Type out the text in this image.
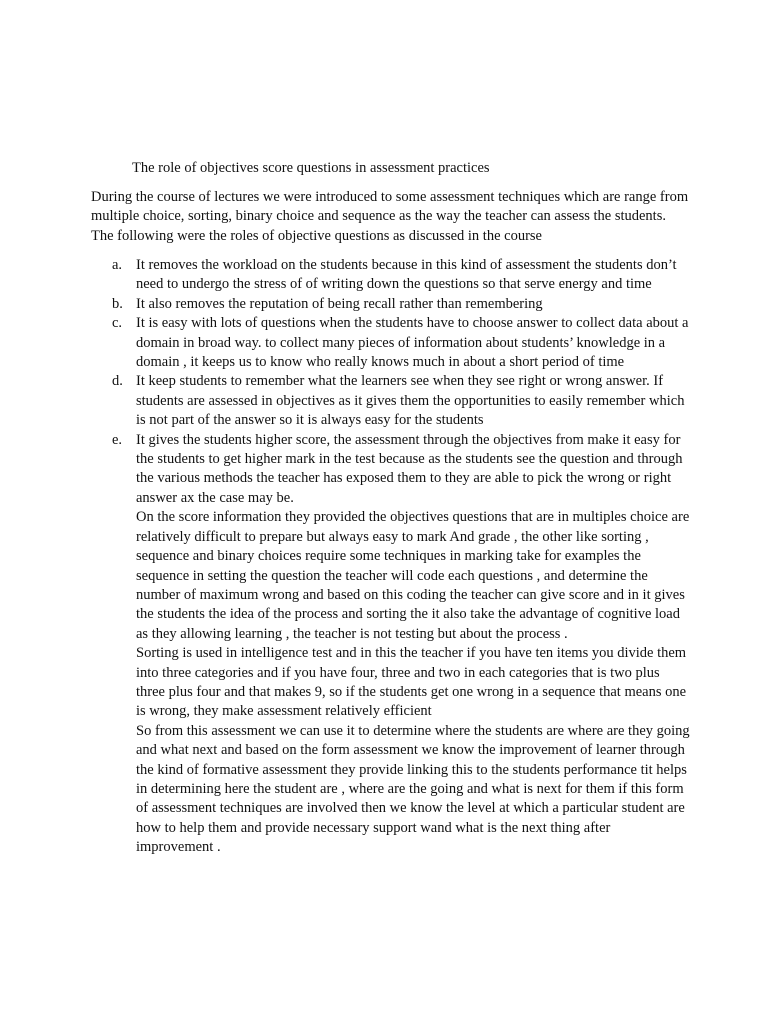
The role of objectives score questions in assessment practices
During the course of lectures we were introduced to some assessment techniques which are range from multiple choice, sorting, binary choice and sequence as the way the teacher can assess the students. The following were the roles of objective questions as discussed in the course
a. It removes the workload on the students because in this kind of assessment the students don’t need to undergo the stress of of writing down the questions so that serve energy and time
b. It also removes the reputation of being recall rather than remembering
c. It is easy with lots of questions when the students have to choose answer to collect data about a domain in broad way. to collect many pieces of information about students’ knowledge in a domain , it keeps us to know who really knows much in about a short period of time
d. It keep students to remember what the learners see when they see right or wrong answer. If students are assessed in objectives as it gives them the opportunities to easily remember which is not part of the answer so it is always easy for the students
e. It gives the students higher score, the assessment through the objectives from make it easy for the students to get higher mark in the test because as the students see the question and through the various methods the teacher has exposed them to they are able to pick the wrong or right answer ax the case may be.
On the score information they provided the objectives questions that are in multiples choice are relatively difficult to prepare but always easy to mark And grade , the other like sorting , sequence and binary choices require some techniques in marking take for examples the sequence in setting the question the teacher will code each questions , and determine the number of maximum wrong and based on this coding the teacher can give score and in it gives the students the idea of the process and sorting the it also take the advantage of cognitive load as they allowing learning , the teacher is not testing but about the process .
Sorting is used in intelligence test and in this the teacher if you have ten items you divide them into three categories and if you have four, three and two in each categories that is two plus three plus four and that makes 9, so if the students get one wrong in a sequence that means one is wrong, they make assessment relatively efficient
So from this assessment we can use it to determine where the students are where are they going and what next and based on the form assessment we know the improvement of learner through the kind of formative assessment they provide linking this to the students performance tit helps in determining here the student are , where are the going and what is next for them if this form of assessment techniques are involved then we know the level at which a particular student are how to help them and provide necessary support wand what is the next thing after improvement .
